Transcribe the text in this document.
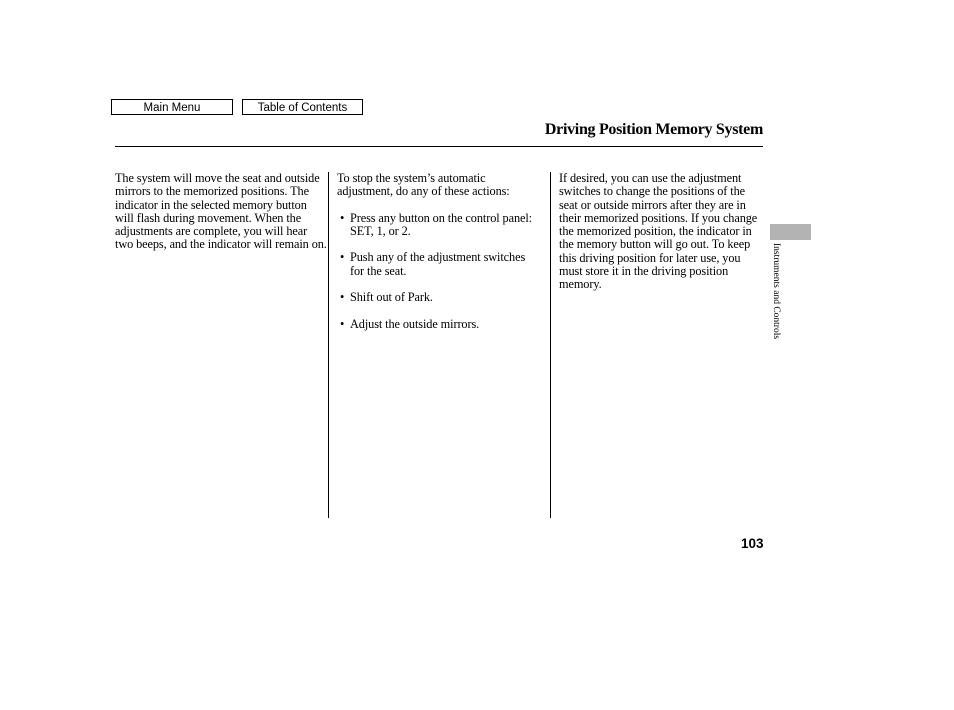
Main Menu	Table of Contents
Driving Position Memory System

The system will move the seat and outside mirrors to the memorized positions. The indicator in the selected memory button will flash during movement. When the adjustments are complete, you will hear two beeps, and the indicator will remain on.

To stop the system’s automatic adjustment, do any of these actions:

• Press any button on the control panel: SET, 1, or 2.
• Push any of the adjustment switches for the seat.
• Shift out of Park.
• Adjust the outside mirrors.

If desired, you can use the adjustment switches to change the positions of the seat or outside mirrors after they are in their memorized positions. If you change the memorized position, the indicator in the memory button will go out. To keep this driving position for later use, you must store it in the driving position memory.	Instruments and Controls
103
